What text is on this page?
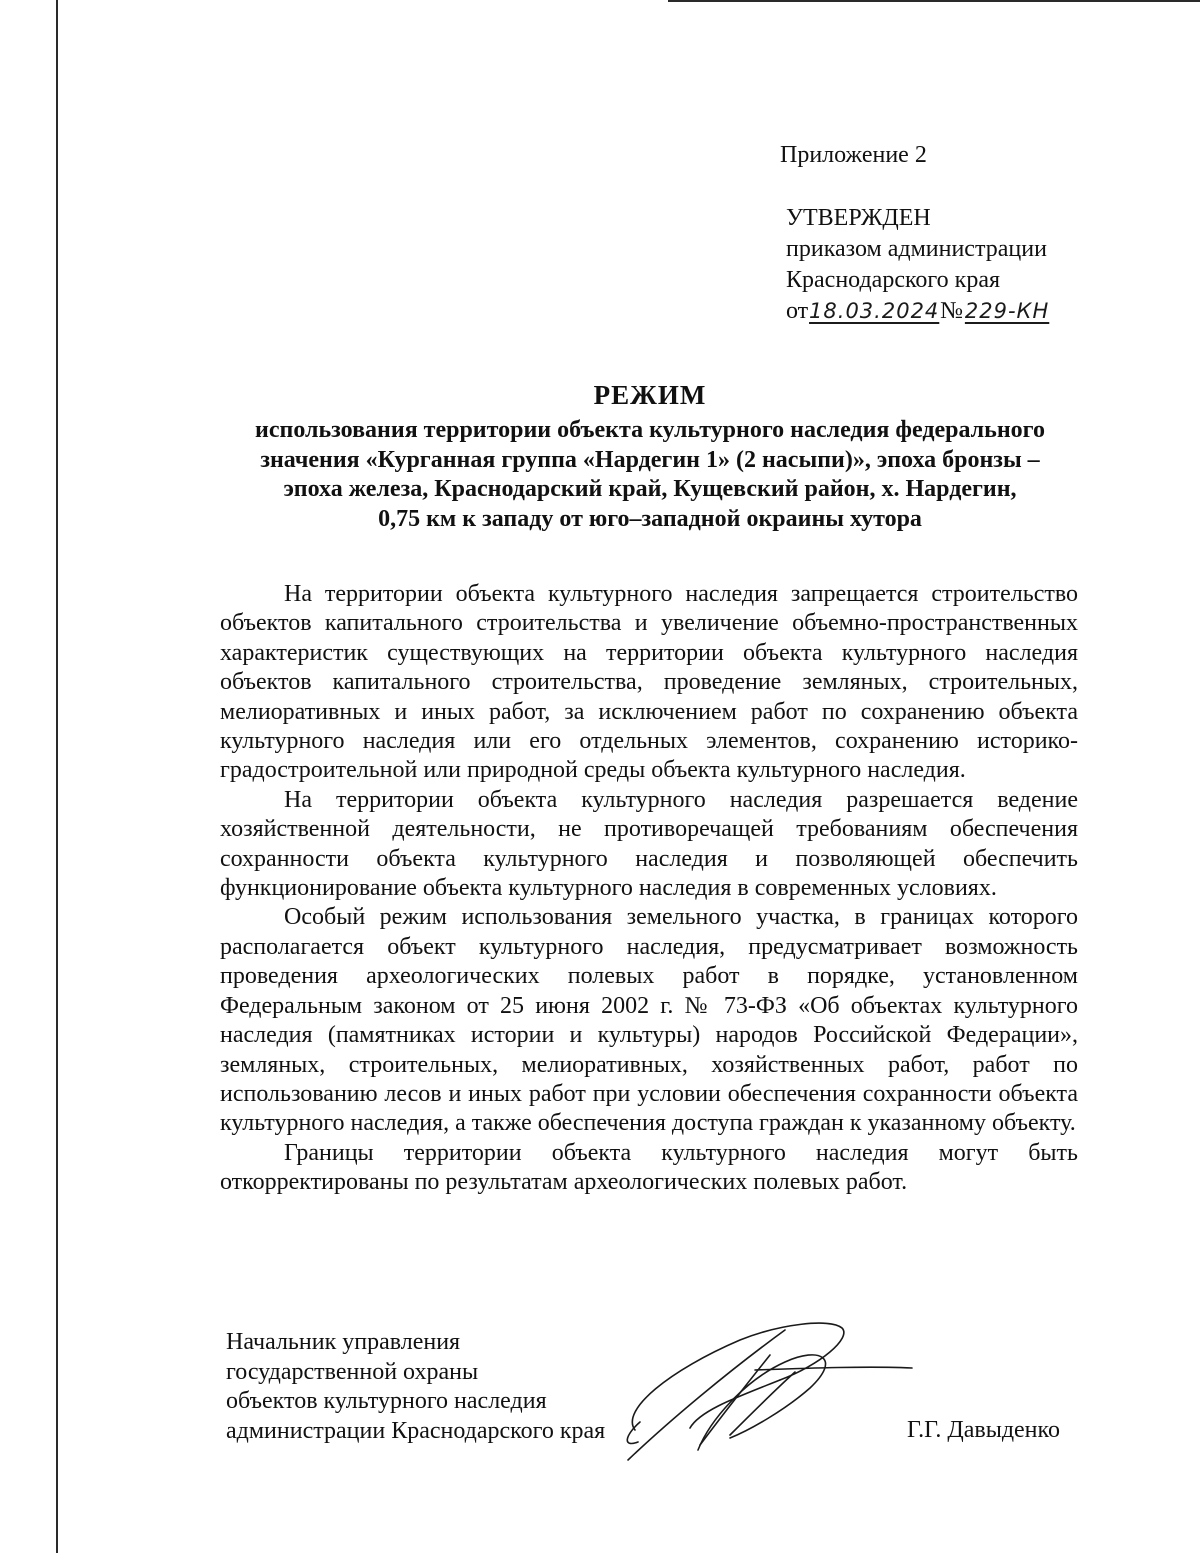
Приложение 2
УТВЕРЖДЕН
приказом администрации
Краснодарского края
от18.03.2024№229-КН
РЕЖИМ
использования территории объекта культурного наследия федерального
значения «Курганная группа «Нардегин 1» (2 насыпи)», эпоха бронзы –
эпоха железа, Краснодарский край, Кущевский район, х. Нардегин,
0,75 км к западу от юго–западной окраины хутора

На территории объекта культурного наследия запрещается строительство объектов капитального строительства и увеличение объемно-пространственных характеристик существующих на территории объекта культурного наследия объектов капитального строительства, проведение земляных, строительных, мелиоративных и иных работ, за исключением работ по сохранению объекта культурного наследия или его отдельных элементов, сохранению историко-градостроительной или природной среды объекта культурного наследия.

На территории объекта культурного наследия разрешается ведение хозяйственной деятельности, не противоречащей требованиям обеспечения сохранности объекта культурного наследия и позволяющей обеспечить функционирование объекта культурного наследия в современных условиях.

Особый режим использования земельного участка, в границах которого располагается объект культурного наследия, предусматривает возможность проведения археологических полевых работ в порядке, установленном Федеральным законом от 25 июня 2002 г. № 73-ФЗ «Об объектах культурного наследия (памятниках истории и культуры) народов Российской Федерации», земляных, строительных, мелиоративных, хозяйственных работ, работ по использованию лесов и иных работ при условии обеспечения сохранности объекта культурного наследия, а также обеспечения доступа граждан к указанному объекту.

Границы территории объекта культурного наследия могут быть откорректированы по результатам археологических полевых работ.

Начальник управления
государственной охраны
объектов культурного наследия
администрации Краснодарского края	Г.Г. Давыденко
